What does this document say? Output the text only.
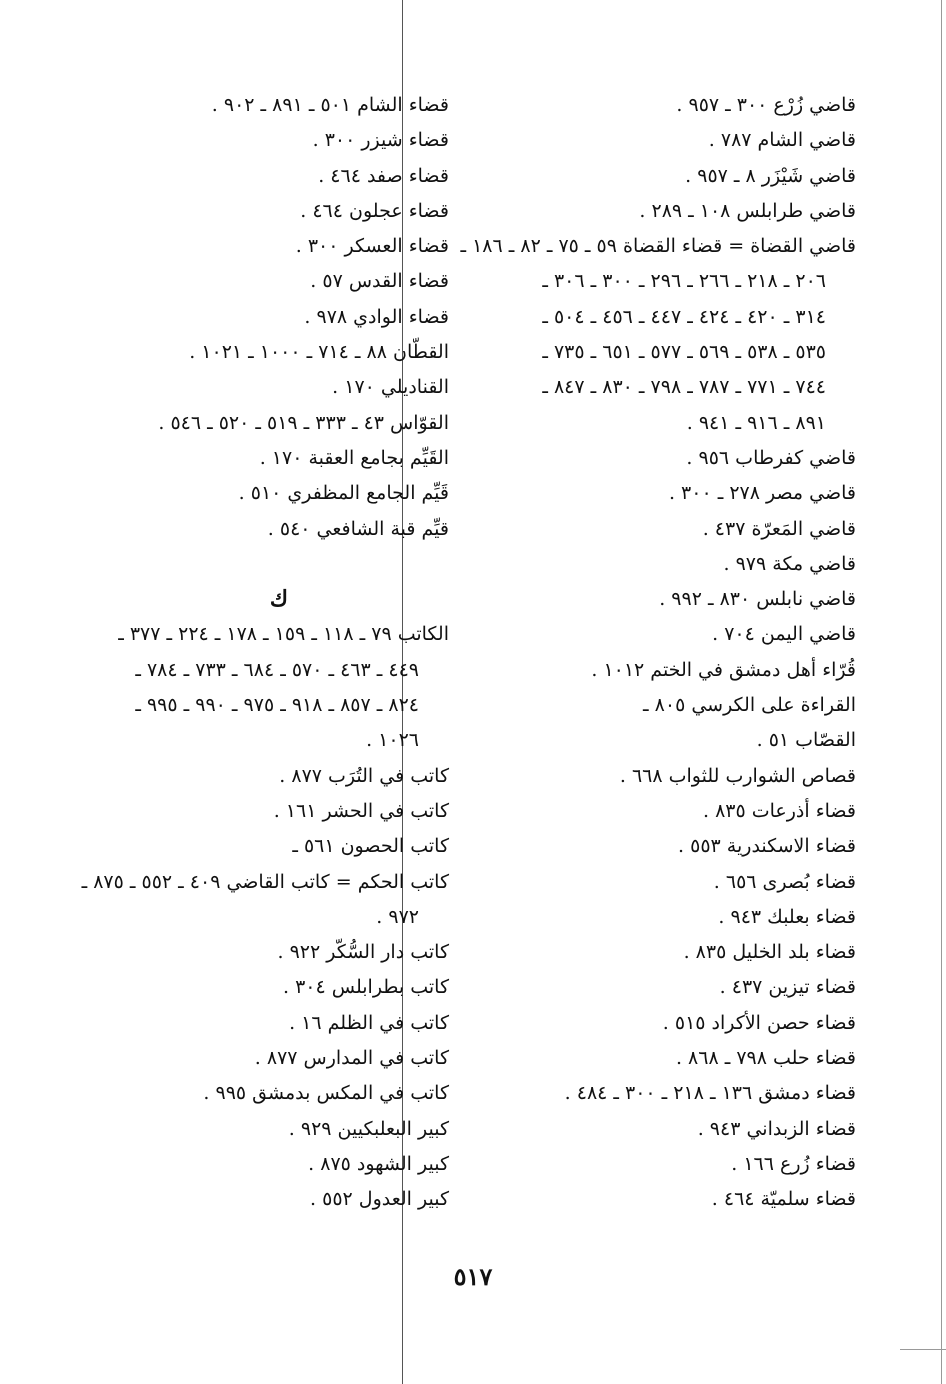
قاضي زُرْع ٣٠٠ ـ ٩٥٧ .
قاضي الشام ٧٨٧ .
قاضي شَيْزَر ٨ ـ ٩٥٧ .
قاضي طرابلس ١٠٨ ـ ٢٨٩ .
قاضي القضاة = قضاء القضاة ٥٩ ـ ٧٥ ـ ٨٢ ـ ١٨٦ ـ
٢٠٦ ـ ٢١٨ ـ ٢٦٦ ـ ٢٩٦ ـ ٣٠٠ ـ ٣٠٦ ـ
٣١٤ ـ ٤٢٠ ـ ٤٢٤ ـ ٤٤٧ ـ ٤٥٦ ـ ٥٠٤ ـ
٥٣٥ ـ ٥٣٨ ـ ٥٦٩ ـ ٥٧٧ ـ ٦٥١ ـ ٧٣٥ ـ
٧٤٤ ـ ٧٧١ ـ ٧٨٧ ـ ٧٩٨ ـ ٨٣٠ ـ ٨٤٧ ـ
٨٩١ ـ ٩١٦ ـ ٩٤١ .
قاضي كفرطاب ٩٥٦ .
قاضي مصر ٢٧٨ ـ ٣٠٠ .
قاضي المَعرّة ٤٣٧ .
قاضي مكة ٩٧٩ .
قاضي نابلس ٨٣٠ ـ ٩٩٢ .
قاضي اليمن ٧٠٤ .
قُرّاء أهل دمشق في الختم ١٠١٢ .
القراءة على الكرسي ٨٠٥ ـ
القصّاب ٥١ .
قصاص الشوارب للثواب ٦٦٨ .
قضاء أذرعات ٨٣٥ .
قضاء الاسكندرية ٥٥٣ .
قضاء بُصرى ٦٥٦ .
قضاء بعلبك ٩٤٣ .
قضاء بلد الخليل ٨٣٥ .
قضاء تيزين ٤٣٧ .
قضاء حصن الأكراد ٥١٥ .
قضاء حلب ٧٩٨ ـ ٨٦٨ .
قضاء دمشق ١٣٦ ـ ٢١٨ ـ ٣٠٠ ـ ٤٨٤ .
قضاء الزبداني ٩٤٣ .
قضاء زُرع ١٦٦ .
قضاء سلميّة ٤٦٤ .
قضاء الشام ٥٠١ ـ ٨٩١ ـ ٩٠٢ .
قضاء شيزر ٣٠٠ .
قضاء صفد ٤٦٤ .
قضاء عجلون ٤٦٤ .
قضاء العسكر ٣٠٠ .
قضاء القدس ٥٧ .
قضاء الوادي ٩٧٨ .
القطّان ٨٨ ـ ٧١٤ ـ ١٠٠٠ ـ ١٠٢١ .
القناديلي ١٧٠ .
القوّاس ٤٣ ـ ٣٣٣ ـ ٥١٩ ـ ٥٢٠ ـ ٥٤٦ .
القَيِّم بجامع العقبة ١٧٠ .
قَيِّم الجامع المظفري ٥١٠ .
قيِّم قبة الشافعي ٥٤٠ .
ك
الكاتب ٧٩ ـ ١١٨ ـ ١٥٩ ـ ١٧٨ ـ ٢٢٤ ـ ٣٧٧ ـ
٤٤٩ ـ ٤٦٣ ـ ٥٧٠ ـ ٦٨٤ ـ ٧٣٣ ـ ٧٨٤ ـ
٨٢٤ ـ ٨٥٧ ـ ٩١٨ ـ ٩٧٥ ـ ٩٩٠ ـ ٩٩٥ ـ
١٠٢٦ .
كاتب في التُرَب ٨٧٧ .
كاتب في الحشر ١٦١ .
كاتب الحصون ٥٦١ ـ
كاتب الحكم = كاتب القاضي ٤٠٩ ـ ٥٥٢ ـ ٨٧٥ ـ
٩٧٢ .
كاتب دار السُّكّر ٩٢٢ .
كاتب بطرابلس ٣٠٤ .
كاتب في الظلم ١٦ .
كاتب في المدارس ٨٧٧ .
كاتب في المكس بدمشق ٩٩٥ .
كبير البعلبكيين ٩٢٩ .
كبير الشهود ٨٧٥ .
كبير العدول ٥٥٢ .
٥١٧
